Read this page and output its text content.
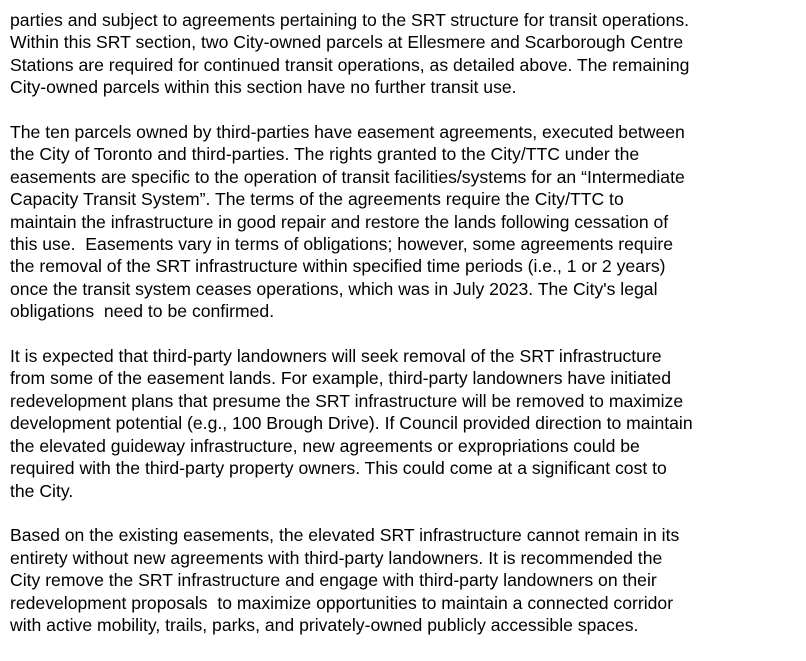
parties and subject to agreements pertaining to the SRT structure for transit operations.
Within this SRT section, two City-owned parcels at Ellesmere and Scarborough Centre
Stations are required for continued transit operations, as detailed above. The remaining
City-owned parcels within this section have no further transit use.

The ten parcels owned by third-parties have easement agreements, executed between
the City of Toronto and third-parties. The rights granted to the City/TTC under the
easements are specific to the operation of transit facilities/systems for an “Intermediate
Capacity Transit System”. The terms of the agreements require the City/TTC to
maintain the infrastructure in good repair and restore the lands following cessation of
this use.  Easements vary in terms of obligations; however, some agreements require
the removal of the SRT infrastructure within specified time periods (i.e., 1 or 2 years)
once the transit system ceases operations, which was in July 2023. The City's legal
obligations  need to be confirmed.

It is expected that third-party landowners will seek removal of the SRT infrastructure
from some of the easement lands. For example, third-party landowners have initiated
redevelopment plans that presume the SRT infrastructure will be removed to maximize
development potential (e.g., 100 Brough Drive). If Council provided direction to maintain
the elevated guideway infrastructure, new agreements or expropriations could be
required with the third-party property owners. This could come at a significant cost to
the City.

Based on the existing easements, the elevated SRT infrastructure cannot remain in its
entirety without new agreements with third-party landowners. It is recommended the
City remove the SRT infrastructure and engage with third-party landowners on their
redevelopment proposals  to maximize opportunities to maintain a connected corridor
with active mobility, trails, parks, and privately-owned publicly accessible spaces.
